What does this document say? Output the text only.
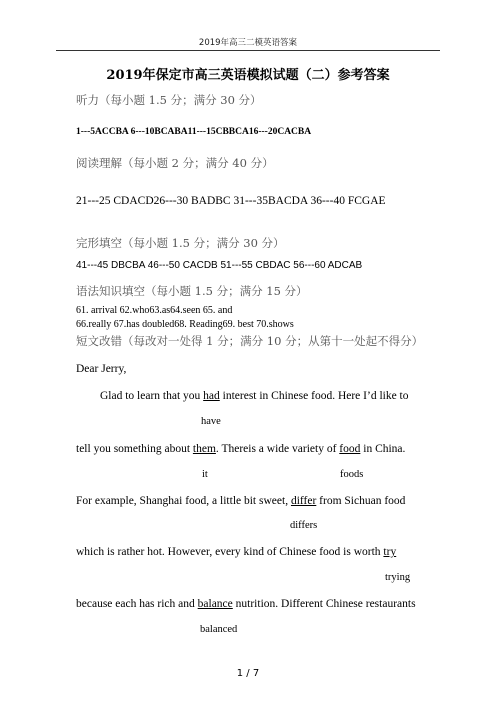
2019年高三二模英语答案
2019年保定市高三英语模拟试题（二）参考答案
听力（每小题 1.5 分；满分 30 分）
1---5ACCBA 6---10BCABA11---15CBBCA16---20CACBA
阅读理解（每小题 2 分；满分 40 分）
21---25 CDACD26---30 BADBC 31---35BACDA 36---40 FCGAE
完形填空（每小题 1.5 分；满分 30 分）
41---45 DBCBA 46---50 CACDB 51---55 CBDAC 56---60 ADCAB
语法知识填空（每小题 1.5 分；满分 15 分）
61. arrival 62.who63.as64.seen 65. and
66.really 67.has doubled68. Reading69. best 70.shows
短文改错（每改对一处得 1 分；满分 10 分；从第十一处起不得分）
Dear Jerry,
Glad to learn that you had interest in Chinese food. Here I’d like to
have
tell you something about them. Thereis a wide variety of food in China.
it	foods
For example, Shanghai food, a little bit sweet, differ from Sichuan food
differs
which is rather hot. However, every kind of Chinese food is worth try
trying
because each has rich and balance nutrition. Different Chinese restaurants
balanced
1 / 7
